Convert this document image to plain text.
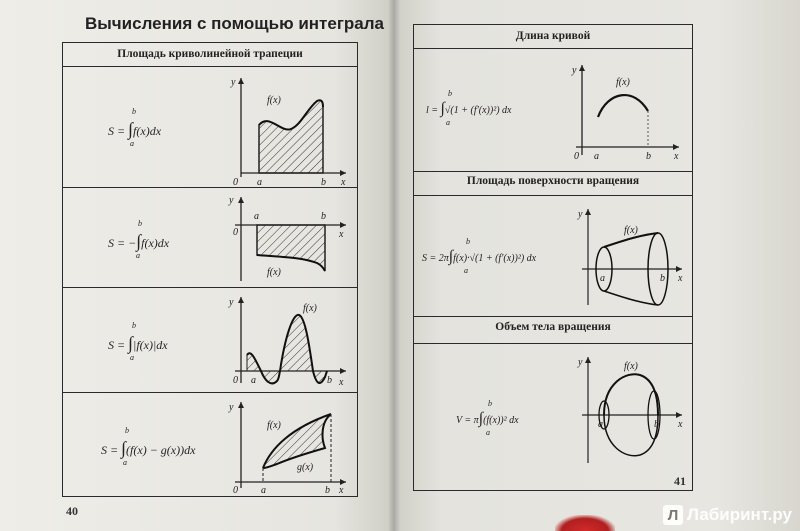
Вычисления с помощью интеграла
Площадь криволинейной трапеции
S = ∫f(x)dx
b
a
y
x
0 a	b
f(x)
S = −∫f(x)dx
b
a
y
x
0
a	b
f(x)
S = ∫|f(x)|dx
b
a
y
x
0 a	b
f(x)
S = ∫(f(x) − g(x))dx
b
a
y
x
0 a	b
f(x)
g(x)
40
Длина кривой
Площадь поверхности вращения
Объем тела вращения
l = ∫√(1 + (f′(x))²) dx
b
a
y
x
0 a	b
f(x)
S = 2π∫f(x)·√(1 + (f′(x))²) dx
b
a
y
x
a	b
f(x)
V = π∫(f(x))² dx
b
a
y
x
a	b
f(x)
41
Л Лабиринт.ру
